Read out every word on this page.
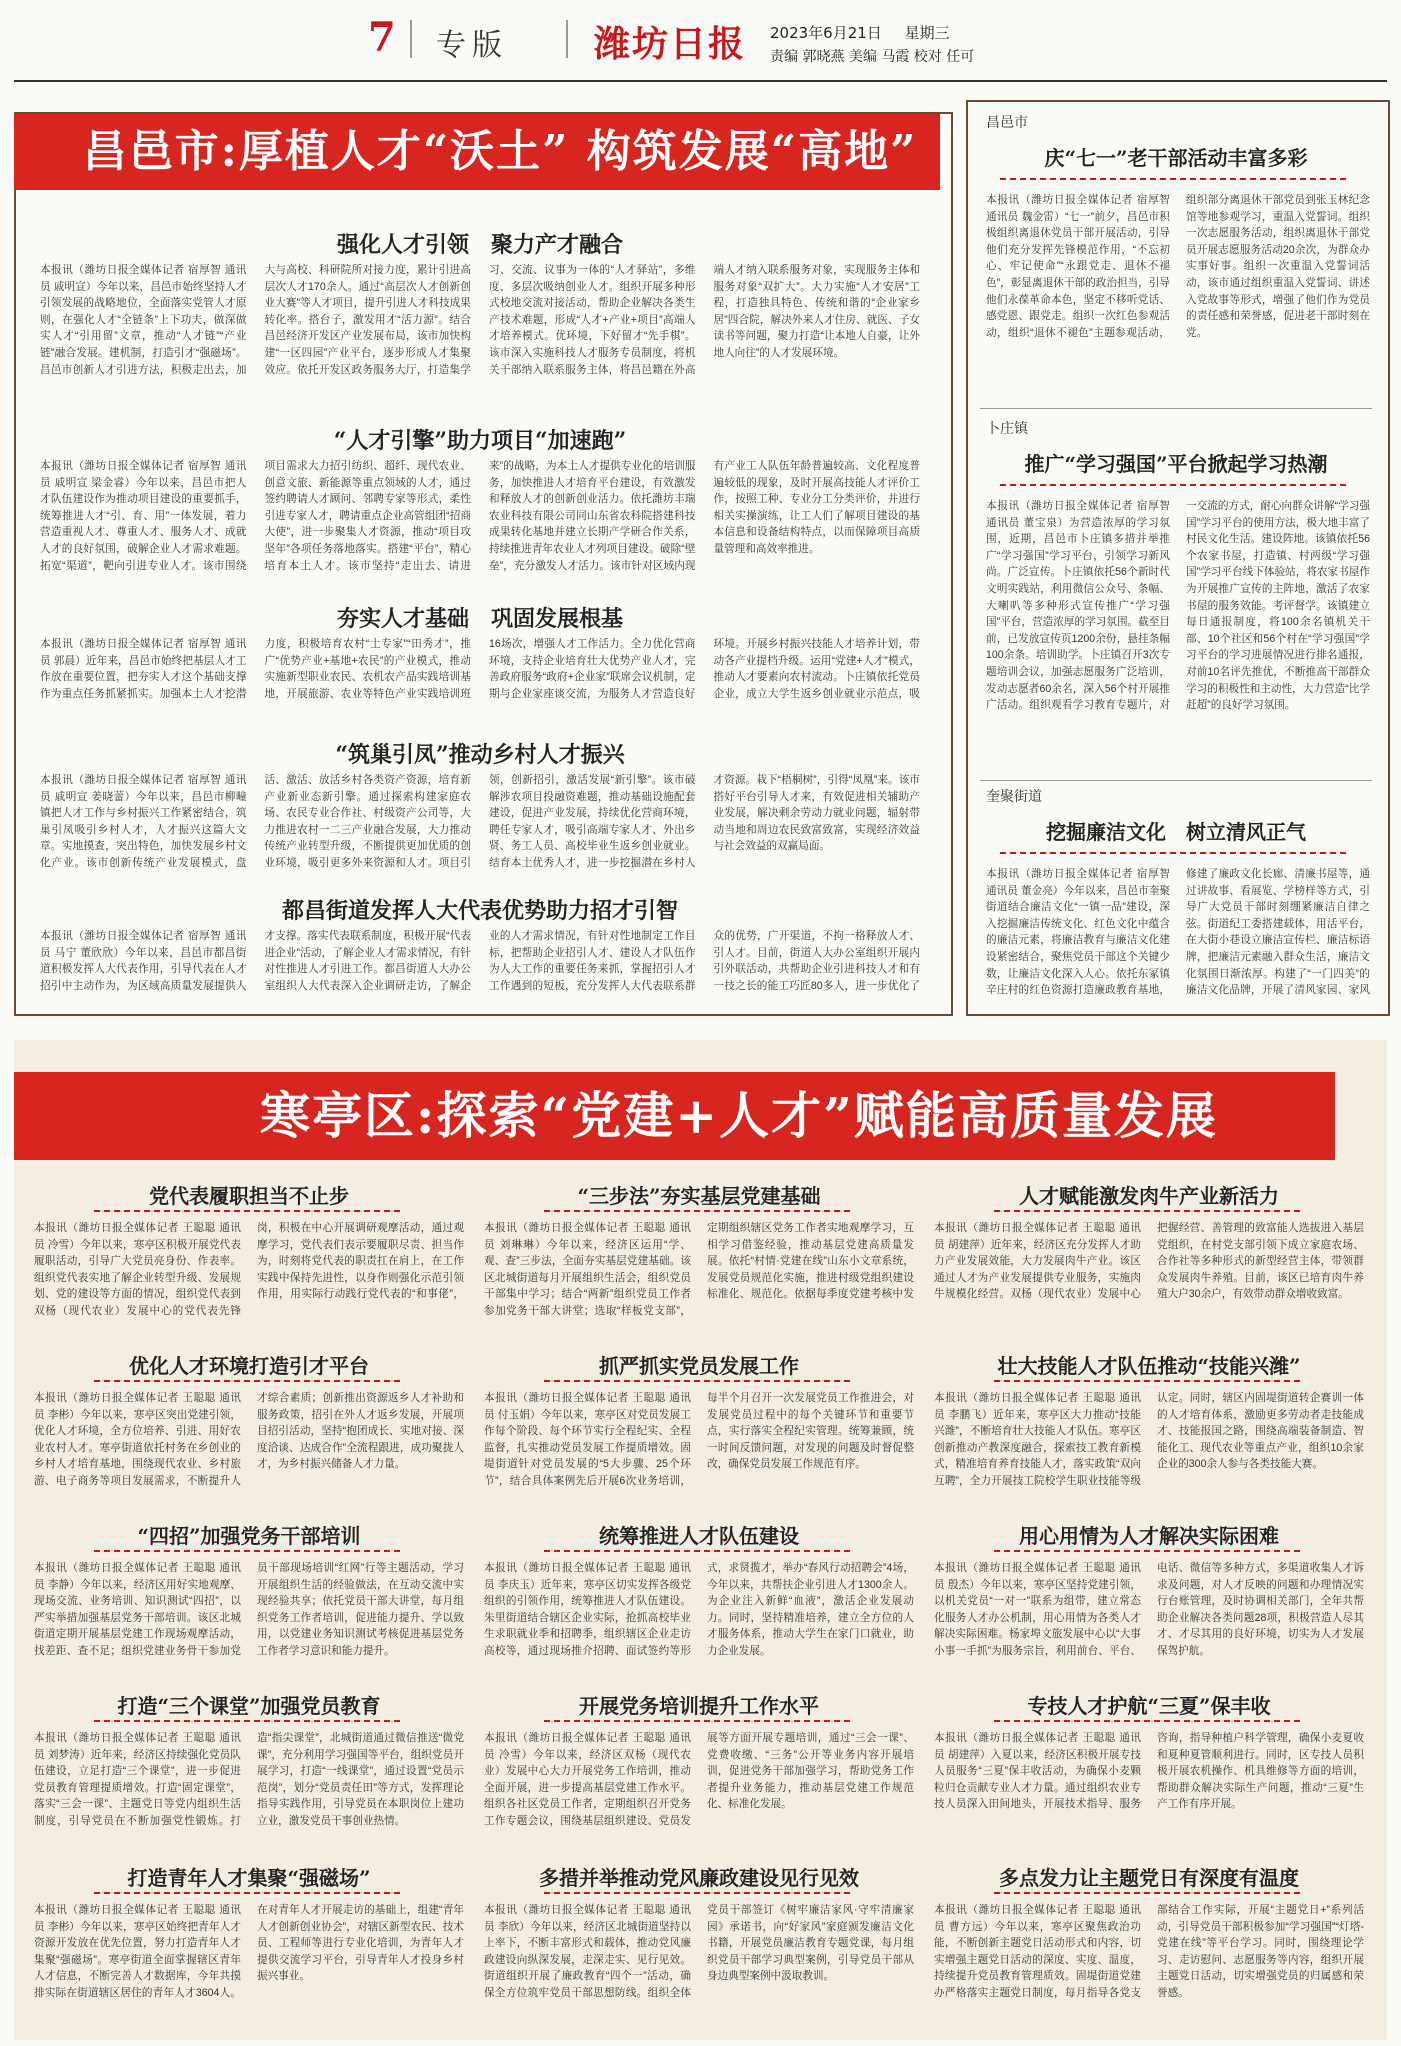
7 专版 潍坊日报 2023年6月21日 星期三
责编 郭晓燕 美编 马霞 校对 任可
昌邑市:厚植人才“沃土” 构筑发展“高地”
强化人才引领　聚力产才融合
本报讯（潍坊日报全媒体记者 宿厚智 通讯员 戚明宣）今年以来，昌邑市始终坚持人才引领发展的战略地位，全面落实党管人才原则，在强化人才“全链条”上下功夫，做深做实人才“引用留”文章，推动“人才链”“产业链”融合发展。建机制，打造引才“强磁场”。昌邑市创新人才引进方法，积极走出去，加大与高校、科研院所对接力度，累计引进高层次人才170余人。通过“高层次人才创新创业大赛”等人才项目，提升引进人才科技成果转化率。搭台子，激发用才“活力源”。结合昌邑经济开发区产业发展布局，该市加快构建“一区四园”产业平台，逐步形成人才集聚效应。依托开发区政务服务大厅，打造集学习、交流、议事为一体的“人才驿站”，多维度、多层次吸纳创业人才。组织开展多种形式校地交流对接活动，帮助企业解决各类生产技术难题，形成“人才+产业+项目”高端人才培养模式。优环境，下好留才“先手棋”。该市深入实施科技人才服务专员制度，将机关干部纳入联系服务主体，将昌邑籍在外高端人才纳入联系服务对象，实现服务主体和服务对象“双扩大”。大力实施“人才安居”工程，打造独具特色、传统和谐的“企业家乡居”四合院，解决外来人才住房、就医、子女读书等问题，聚力打造“让本地人自豪，让外地人向往”的人才发展环境。
“人才引擎”助力项目“加速跑”
本报讯（潍坊日报全媒体记者 宿厚智 通讯员 戚明宣 梁金睿）今年以来，昌邑市把人才队伍建设作为推动项目建设的重要抓手，统筹推进人才“引、育、用”一体发展，着力营造重视人才、尊重人才、服务人才、成就人才的良好氛围，破解企业人才需求难题。拓宽“渠道”，靶向引进专业人才。该市围绕项目需求大力招引纺织、超纤、现代农业、创意文旅、新能源等重点领域的人才，通过签约聘请人才顾问、邻聘专家等形式，柔性引进专家人才，聘请重点企业高管组团“招商大使”，进一步聚集人才资源，推动“项目攻坚年”各项任务落地落实。搭建“平台”，精心培育本土人才。该市坚持“走出去、请进来”的战略，为本土人才提供专业化的培训服务，加快推进人才培育平台建设，有效激发和释放人才的创新创业活力。依托潍坊丰瑞农业科技有限公司同山东省农科院搭建科技成果转化基地并建立长期产学研合作关系，持续推进青年农业人才列项目建设。破除“壁垒”，充分激发人才活力。该市针对区域内现有产业工人队伍年龄普遍较高、文化程度普遍较低的现象，及时开展高技能人才评价工作，按照工种、专业分工分类评价，并进行相关实操演练，让工人们了解项目建设的基本信息和设备结构特点，以而保障项目高质量管理和高效率推进。
夯实人才基础　巩固发展根基
本报讯（潍坊日报全媒体记者 宿厚智 通讯员 郭晨）近年来，昌邑市始终把基层人才工作放在重要位置，把夯实人才这个基础支撑作为重点任务抓紧抓实。加强本土人才挖潜力度，积极培育农村“土专家”“田秀才”，推广“优势产业+基地+农民”的产业模式，推动实施新型职业农民、农机农产品实践培训基地，开展旅游、农业等特色产业实践培训班16场次，增强人才工作活力。全力优化营商环境，支持企业培育壮大优势产业人才，完善政府服务“政府+企业家”联席会议机制，定期与企业家座谈交流，为服务人才营造良好环境。开展乡村振兴技能人才培养计划，带动各产业提档升级。运用“党建+人才”模式，推动人才要素向农村流动。卜庄镇依托党员企业，成立大学生返乡创业就业示范点，吸
“筑巢引凤”推动乡村人才振兴
本报讯（潍坊日报全媒体记者 宿厚智 通讯员 戚明宣 姜晓蕾）今年以来，昌邑市柳疃镇把人才工作与乡村振兴工作紧密结合，筑巢引凤吸引乡村人才，人才振兴这篇大文章。实地摸查，突出特色，加快发展乡村文化产业。该市创新传统产业发展模式，盘活、激活、放活乡村各类资产资源，培育新产业新业态新引擎。通过探索构建家庭农场、农民专业合作社、村级资产公司等，大力推进农村一二三产业融合发展，大力推动传统产业转型升级，不断提供更加优质的创业环境，吸引更多外来资源和人才。项目引领，创新招引，激活发展“新引擎”。该市破解涉农项目投融资难题，推动基础设施配套建设，促进产业发展，持续优化营商环境，聘任专家人才，吸引高端专家人才、外出乡贤、务工人员、高校毕业生返乡创业就业。结育本土优秀人才，进一步挖掘潜在乡村人才资源。栽下“梧桐树”，引得“凤凰”来。该市搭好平台引导人才来，有效促进相关辅助产业发展，解决剩余劳动力就业问题，辐射带动当地和周边农民致富致富，实现经济效益与社会效益的双赢局面。
都昌街道发挥人大代表优势助力招才引智
本报讯（潍坊日报全媒体记者 宿厚智 通讯员 马宁 董欣欣）今年以来，昌邑市都昌街道积极发挥人大代表作用，引导代表在人才招引中主动作为，为区域高质量发展提供人才支撑。落实代表联系制度，积极开展“代表进企业”活动，了解企业人才需求情况，有针对性推进人才引进工作。都昌街道人大办公室组织人大代表深入企业调研走访，了解企业的人才需求情况，有针对性地制定工作目标，把帮助企业招引人才、建设人才队伍作为人大工作的重要任务来抓，掌握招引人才工作遇到的短板，充分发挥人大代表联系群众的优势，广开渠道，不拘一格释放人才、引人才。目前，街道人大办公室组织开展内引外联活动，共帮助企业引进科技人才和有一技之长的能工巧匠80多人，进一步优化了
昌邑市
庆“七一”老干部活动丰富多彩
本报讯（潍坊日报全媒体记者 宿厚智 通讯员 魏金雷）“七一”前夕，昌邑市积极组织离退休党员干部开展活动，引导他们充分发挥先锋模范作用，“不忘初心、牢记使命”“永跟党走、退休不褪色”，彰显离退休干部的政治担当，引导他们永葆革命本色，坚定不移听党话、感党恩、跟党走。组织一次红色参观活动，组织“退休不褪色”主题参观活动，组织部分离退休干部党员到张玉林纪念馆等地参观学习，重温入党誓词。组织一次志愿服务活动，组织离退休干部党员开展志愿服务活动20余次，为群众办实事好事。组织一次重温入党誓词活动，该市通过组织重温入党誓词、讲述入党故事等形式，增强了他们作为党员的责任感和荣誉感，促进老干部时刻在党。
卜庄镇
推广“学习强国”平台掀起学习热潮
本报讯（潍坊日报全媒体记者 宿厚智 通讯员 董宝泉）为营造浓厚的学习氛围，近期，昌邑市卜庄镇多措并举推广“学习强国”学习平台，引领学习新风尚。广泛宣传。卜庄镇依托56个新时代文明实践站，利用微信公众号、条幅、大喇叭等多种形式宣传推广“学习强国”平台，营造浓厚的学习氛围。截至目前，已发放宣传页1200余份，悬挂条幅100余条。培训助学。卜庄镇召开3次专题培训会议，加强志愿服务广泛培训，发动志愿者60余名，深入56个村开展推广活动。组织观看学习教育专题片，对一交流的方式，耐心向群众讲解“学习强国”学习平台的使用方法，极大地丰富了村民文化生活。建设阵地。该镇依托56个农家书屋，打造镇、村两级“学习强国”学习平台线下体验站，将农家书屋作为开展推广宣传的主阵地，激活了农家书屋的服务效能。考评督学。该镇建立每日通报制度，将100余名镇机关干部、10个社区和56个村在“学习强国”学习平台的学习进展情况进行排名通报，对前10名评先推优，不断推高干部群众学习的积极性和主动性，大力营造“比学赶超”的良好学习氛围。
奎聚街道
挖掘廉洁文化　树立清风正气
本报讯（潍坊日报全媒体记者 宿厚智 通讯员 董金亮）今年以来，昌邑市奎聚街道结合廉洁文化“一镇一品”建设，深入挖掘廉洁传统文化、红色文化中蕴含的廉洁元素，将廉洁教育与廉洁文化建设紧密结合，聚焦党员干部这个关键少数，让廉洁文化深入人心。依托东冢镇辛庄村的红色资源打造廉政教育基地，修建了廉政文化长廊、清廉书屋等，通过讲故事、看展览、学榜样等方式，引导广大党员干部时刻绷紧廉洁自律之弦。街道纪工委搭建载体，用活平台，在大街小巷设立廉洁宣传栏、廉洁标语牌，把廉洁元素融入群众生活，廉洁文化氛围日渐浓厚。构建了“一门四美”的廉洁文化品牌，开展了清风家园、家风
寒亭区:探索“党建+人才”赋能高质量发展
党代表履职担当不止步
本报讯（潍坊日报全媒体记者 王聪聪 通讯员 冷雪）今年以来，寒亭区积极开展党代表履职活动，引导广大党员亮身份、作表率。组织党代表实地了解企业转型升级、发展规划、党的建设等方面的情况，组织党代表到双杨（现代农业）发展中心的党代表先锋岗，积极在中心开展调研观摩活动，通过观摩学习，党代表们表示要履职尽责、担当作为，时刻将党代表的职责扛在肩上，在工作实践中保持先进性，以身作则强化示范引领作用，用实际行动践行党代表的“和事佬”，
“三步法”夯实基层党建基础
本报讯（潍坊日报全媒体记者 王聪聪 通讯员 刘琳琳）今年以来，经济区运用“学、观、查”三步法，全面夯实基层党建基础。该区北城街道每月开展组织生活会，组织党员干部集中学习；结合“两新”组织党员工作者参加党务干部大讲堂；选取“样板党支部”，定期组织辖区党务工作者实地观摩学习，互相学习借鉴经验，推动基层党建高质量发展。依托“村情·党建在线”山东小文章系统，发展党员规范化实施，推进村级党组织建设标准化、规范化。依据每季度党建考核中发
人才赋能激发肉牛产业新活力
本报讯（潍坊日报全媒体记者 王聪聪 通讯员 胡建萍）近年来，经济区充分发挥人才助力产业发展效能，大力发展肉牛产业。该区通过人才为产业发展提供专业服务，实施肉牛规模化经营。双杨（现代农业）发展中心把握经营、善管理的致富能人选拔进入基层党组织，在村党支部引领下成立家庭农场、合作社等多种形式的新型经营主体，带领群众发展肉牛养殖。目前，该区已培育肉牛养殖大户30余户，有效带动群众增收致富。
优化人才环境打造引才平台
本报讯（潍坊日报全媒体记者 王聪聪 通讯员 李彬）今年以来，寒亭区突出党建引领，优化人才环境，全方位培养、引进、用好农业农村人才。寒亭街道依托村务在乡创业的乡村人才培育基地，围绕现代农业、乡村旅游、电子商务等项目发展需求，不断提升人才综合素质；创新推出资源返乡人才补助和服务政策，招引在外人才返乡发展，开展项目招引活动，坚持“抱团成长、实地对接、深度洽谈、达成合作”全流程跟进，成功聚拢人才，为乡村振兴储备人才力量。
抓严抓实党员发展工作
本报讯（潍坊日报全媒体记者 王聪聪 通讯员 付玉娟）今年以来，寒亭区对党员发展工作每个阶段、每个环节实行全程纪实、全程监督，扎实推动党员发展工作提质增效。固堤街道针对党员发展的“5大步骤、25个环节”，结合具体案例先后开展6次业务培训，每半个月召开一次发展党员工作推进会，对发展党员过程中的每个关键环节和重要节点，实行落实全程纪实管理。统筹兼顾，统一时间反馈问题，对发现的问题及时督促整改，确保党员发展工作规范有序。
壮大技能人才队伍推动“技能兴潍”
本报讯（潍坊日报全媒体记者 王聪聪 通讯员 李鹏飞）近年来，寒亭区大力推动“技能兴潍”，不断培育壮大技能人才队伍。寒亭区创新推动产教深度融合，探索技工教育新模式，精准培育养育技能人才，落实政策“双向互聘”，全力开展技工院校学生职业技能等级认定。同时，辖区内固堤街道转企赛训一体的人才培育体系，激励更多劳动者走技能成才、技能报国之路，围绕高端装备制造、智能化工、现代农业等重点产业，组织10余家企业的300余人参与各类技能大赛。
“四招”加强党务干部培训
本报讯（潍坊日报全媒体记者 王聪聪 通讯员 李静）今年以来，经济区用好实地观摩、现场交流、业务培训、知识测试“四招”，以严实举措加强基层党务干部培训。该区北城街道定期开展基层党建工作现场观摩活动，找差距、查不足；组织党建业务骨干参加党员干部现场培训“红网”行等主题活动，学习开展组织生活的经验做法，在互动交流中实现经验共享；依托党员干部大讲堂，每月组织党务工作者培训，促进能力提升、学以致用，以党建业务知识测试考核促进基层党务工作者学习意识和能力提升。
统筹推进人才队伍建设
本报讯（潍坊日报全媒体记者 王聪聪 通讯员 李庆玉）近年来，寒亭区切实发挥各级党组织的引领作用，统筹推进人才队伍建设。朱里街道结合辖区企业实际，抢抓高校毕业生求职就业季和招聘季，组织辖区企业走访高校等，通过现场推介招聘、面试签约等形式，求贤揽才，举办“春风行动招聘会”4场，今年以来，共帮扶企业引进人才1300余人。为企业注入新鲜“血液”，激活企业发展动力。同时，坚持精准培养，建立全方位的人才服务体系，推动大学生在家门口就业，助力企业发展。
用心用情为人才解决实际困难
本报讯（潍坊日报全媒体记者 王聪聪 通讯员 殷杰）今年以来，寒亭区坚持党建引领，以机关党员“一对一”联系为组带，建立常态化服务人才办公机制，用心用情为各类人才解决实际困难。杨家埠文旅发展中心以“大事小事一手抓”为服务宗旨，利用前台、平台、电话、微信等多种方式，多渠道收集人才诉求及问题，对人才反映的问题和办理情况实行台账管理，及时协调相关部门，全年共帮助企业解决各类问题28项，积极营造人尽其才、才尽其用的良好环境，切实为人才发展保驾护航。
打造“三个课堂”加强党员教育
本报讯（潍坊日报全媒体记者 王聪聪 通讯员 刘梦涛）近年来，经济区持续强化党员队伍建设，立足打造“三个课堂”，进一步促进党员教育管理提质增效。打造“固定课堂”，落实“三会一课”、主题党日等党内组织生活制度，引导党员在不断加强党性锻炼。打造“指尖课堂”，北城街道通过微信推送“微党课”，充分利用学习强国等平台，组织党员开展学习，打造“一线课堂”，通过设置“党员示范岗”，划分“党员责任田”等方式，发挥理论指导实践作用，引导党员在本职岗位上建功立业，激发党员干事创业热情。
开展党务培训提升工作水平
本报讯（潍坊日报全媒体记者 王聪聪 通讯员 冷雪）今年以来，经济区双杨（现代农业）发展中心大力开展党务工作培训，推动全面开展，进一步提高基层党建工作水平。组织各社区党员工作者，定期组织召开党务工作专题会议，围绕基层组织建设、党员发展等方面开展专题培训，通过“三会一课”、党费收缴、“三务”公开等业务内容开展培训，促进党务干部加强学习，帮助党务工作者提升业务能力，推动基层党建工作规范化、标准化发展。
专技人才护航“三夏”保丰收
本报讯（潍坊日报全媒体记者 王聪聪 通讯员 胡建萍）入夏以来，经济区积极开展专技人员服务“三夏”保丰收活动，为确保小麦颗粒归仓贡献专业人才力量。通过组织农业专技人员深入田间地头，开展技术指导、服务咨询，指导种植户科学管理，确保小麦夏收和夏种夏管顺利进行。同时，区专技人员积极开展农机操作、机具维修等方面的培训，帮助群众解决实际生产问题，推动“三夏”生产工作有序开展。
打造青年人才集聚“强磁场”
本报讯（潍坊日报全媒体记者 王聪聪 通讯员 李彬）今年以来，寒亭区始终把青年人才资源开发放在优先位置，努力打造青年人才集聚“强磁场”。寒亭街道全面掌握辖区青年人才信息，不断完善人才数据库，今年共摸排实际在街道辖区居住的青年人才3604人。在对青年人才开展走访的基础上，组建“青年人才创新创业协会”，对辖区新型农民、技术员、工程师等进行专业化培训，为青年人才提供交流学习平台，引导青年人才投身乡村振兴事业。
多措并举推动党风廉政建设见行见效
本报讯（潍坊日报全媒体记者 王聪聪 通讯员 李欣）今年以来，经济区北城街道坚持以上率下，不断丰富形式和载体，推动党风廉政建设向纵深发展，走深走实、见行见效。街道组织开展了廉政教育“四个一”活动，确保全方位筑牢党员干部思想防线。组织全体党员干部签订《树牢廉洁家风·守牢清廉家园》承诺书，向“好家风”家庭颁发廉洁文化书籍，开展党员廉洁教育专题党课，每月组织党员干部学习典型案例，引导党员干部从身边典型案例中汲取教训。
多点发力让主题党日有深度有温度
本报讯（潍坊日报全媒体记者 王聪聪 通讯员 曹方远）今年以来，寒亭区聚焦政治功能，不断创新主题党日活动形式和内容，切实增强主题党日活动的深度、实度、温度，持续提升党员教育管理质效。固堤街道党建办严格落实主题党日制度，每月指导各党支部结合工作实际，开展“主题党日+”系列活动，引导党员干部积极参加“学习强国”“灯塔-党建在线”等平台学习。同时，围绕理论学习、走访慰问、志愿服务等内容，组织开展主题党日活动，切实增强党员的归属感和荣誉感。
